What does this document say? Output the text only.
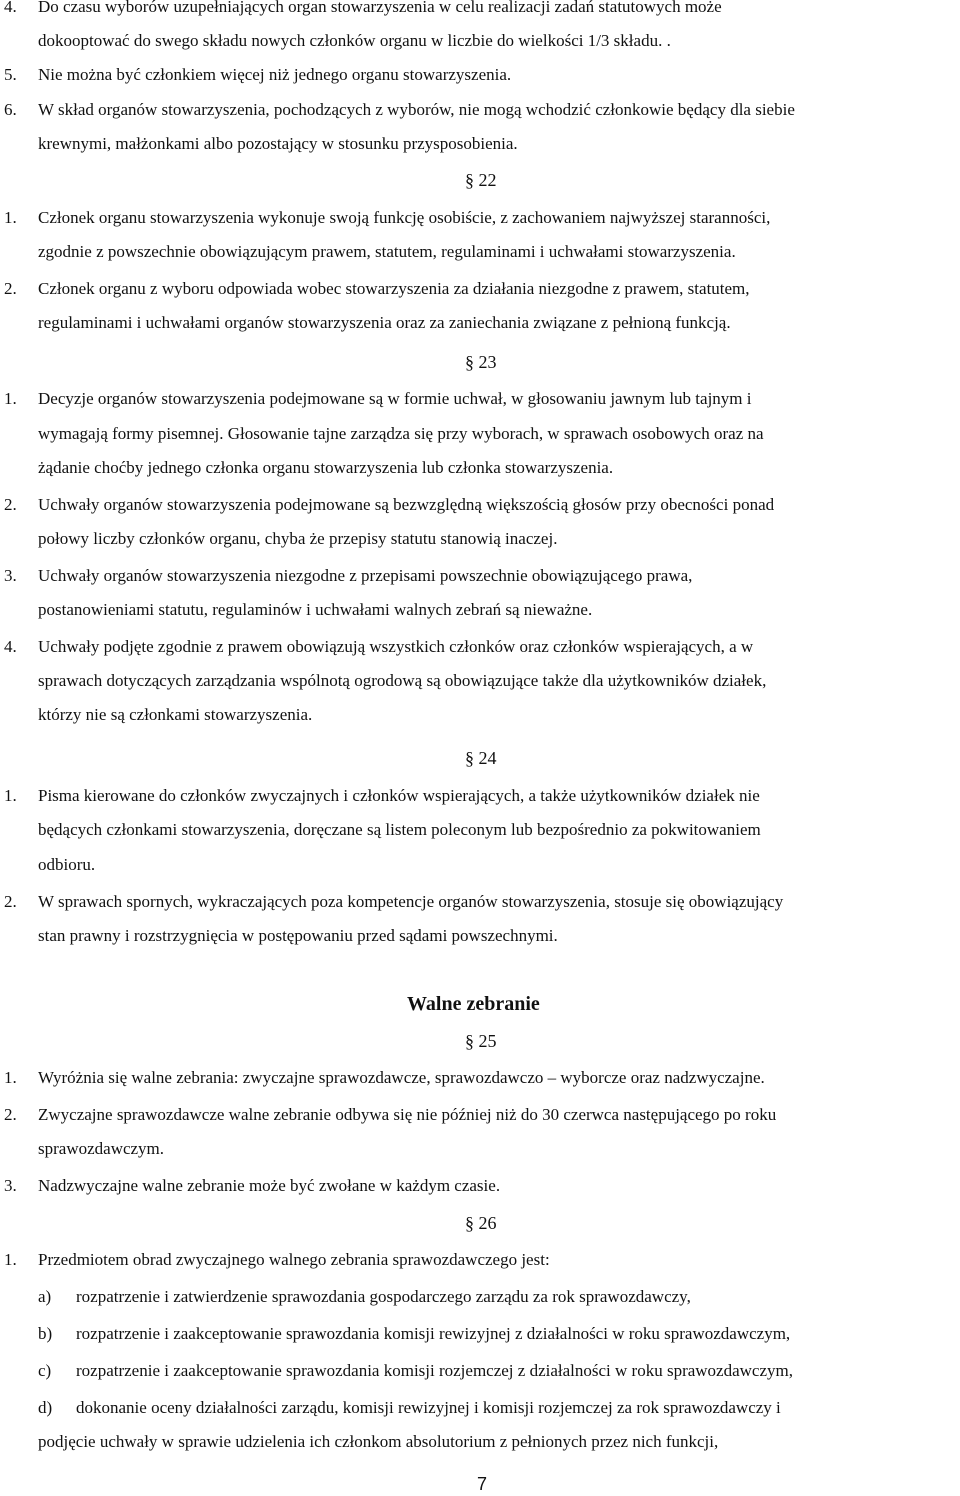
4. Do czasu wyborów uzupełniających organ stowarzyszenia w celu realizacji zadań statutowych może
dokooptować do swego składu nowych członków organu w liczbie do wielkości 1/3 składu. .
5. Nie można być członkiem więcej niż jednego organu stowarzyszenia.
6. W skład organów stowarzyszenia, pochodzących z wyborów, nie mogą wchodzić członkowie będący dla siebie
krewnymi, małżonkami albo pozostający w stosunku przysposobienia.
§ 22
1. Członek organu stowarzyszenia wykonuje swoją funkcję osobiście, z zachowaniem najwyższej staranności,
zgodnie z powszechnie obowiązującym prawem, statutem, regulaminami i uchwałami stowarzyszenia.
2. Członek organu z wyboru odpowiada wobec stowarzyszenia za działania niezgodne z prawem, statutem,
regulaminami i uchwałami organów stowarzyszenia oraz za zaniechania związane z pełnioną funkcją.
§ 23
1. Decyzje organów stowarzyszenia podejmowane są w formie uchwał, w głosowaniu jawnym lub tajnym i
wymagają formy pisemnej. Głosowanie tajne zarządza się przy wyborach, w sprawach osobowych oraz na
żądanie choćby jednego członka organu stowarzyszenia lub członka stowarzyszenia.
2. Uchwały organów stowarzyszenia podejmowane są bezwzględną większością głosów przy obecności ponad
połowy liczby członków organu, chyba że przepisy statutu stanowią inaczej.
3. Uchwały organów stowarzyszenia niezgodne z przepisami powszechnie obowiązującego prawa,
postanowieniami statutu, regulaminów i uchwałami walnych zebrań są nieważne.
4. Uchwały podjęte zgodnie z prawem obowiązują wszystkich członków oraz członków wspierających, a w
sprawach dotyczących zarządzania wspólnotą ogrodową są obowiązujące także dla użytkowników działek,
którzy nie są członkami stowarzyszenia.
§ 24
1. Pisma kierowane do członków zwyczajnych i członków wspierających, a także użytkowników działek nie
będących członkami stowarzyszenia, doręczane są listem poleconym lub bezpośrednio za pokwitowaniem
odbioru.
2. W sprawach spornych, wykraczających poza kompetencje organów stowarzyszenia, stosuje się obowiązujący
stan prawny i rozstrzygnięcia w postępowaniu przed sądami powszechnymi.
Walne zebranie
§ 25
1. Wyróżnia się walne zebrania: zwyczajne sprawozdawcze, sprawozdawczo – wyborcze oraz nadzwyczajne.
2. Zwyczajne sprawozdawcze walne zebranie odbywa się nie później niż do 30 czerwca następującego po roku
sprawozdawczym.
3. Nadzwyczajne walne zebranie może być zwołane w każdym czasie.
§ 26
1. Przedmiotem obrad zwyczajnego walnego zebrania sprawozdawczego jest:
a) rozpatrzenie i zatwierdzenie sprawozdania gospodarczego zarządu za rok sprawozdawczy,
b) rozpatrzenie i zaakceptowanie sprawozdania komisji rewizyjnej z działalności w roku sprawozdawczym,
c) rozpatrzenie i zaakceptowanie sprawozdania komisji rozjemczej z działalności w roku sprawozdawczym,
d) dokonanie oceny działalności zarządu, komisji rewizyjnej i komisji rozjemczej za rok sprawozdawczy i
podjęcie uchwały w sprawie udzielenia ich członkom absolutorium z pełnionych przez nich funkcji,
7
